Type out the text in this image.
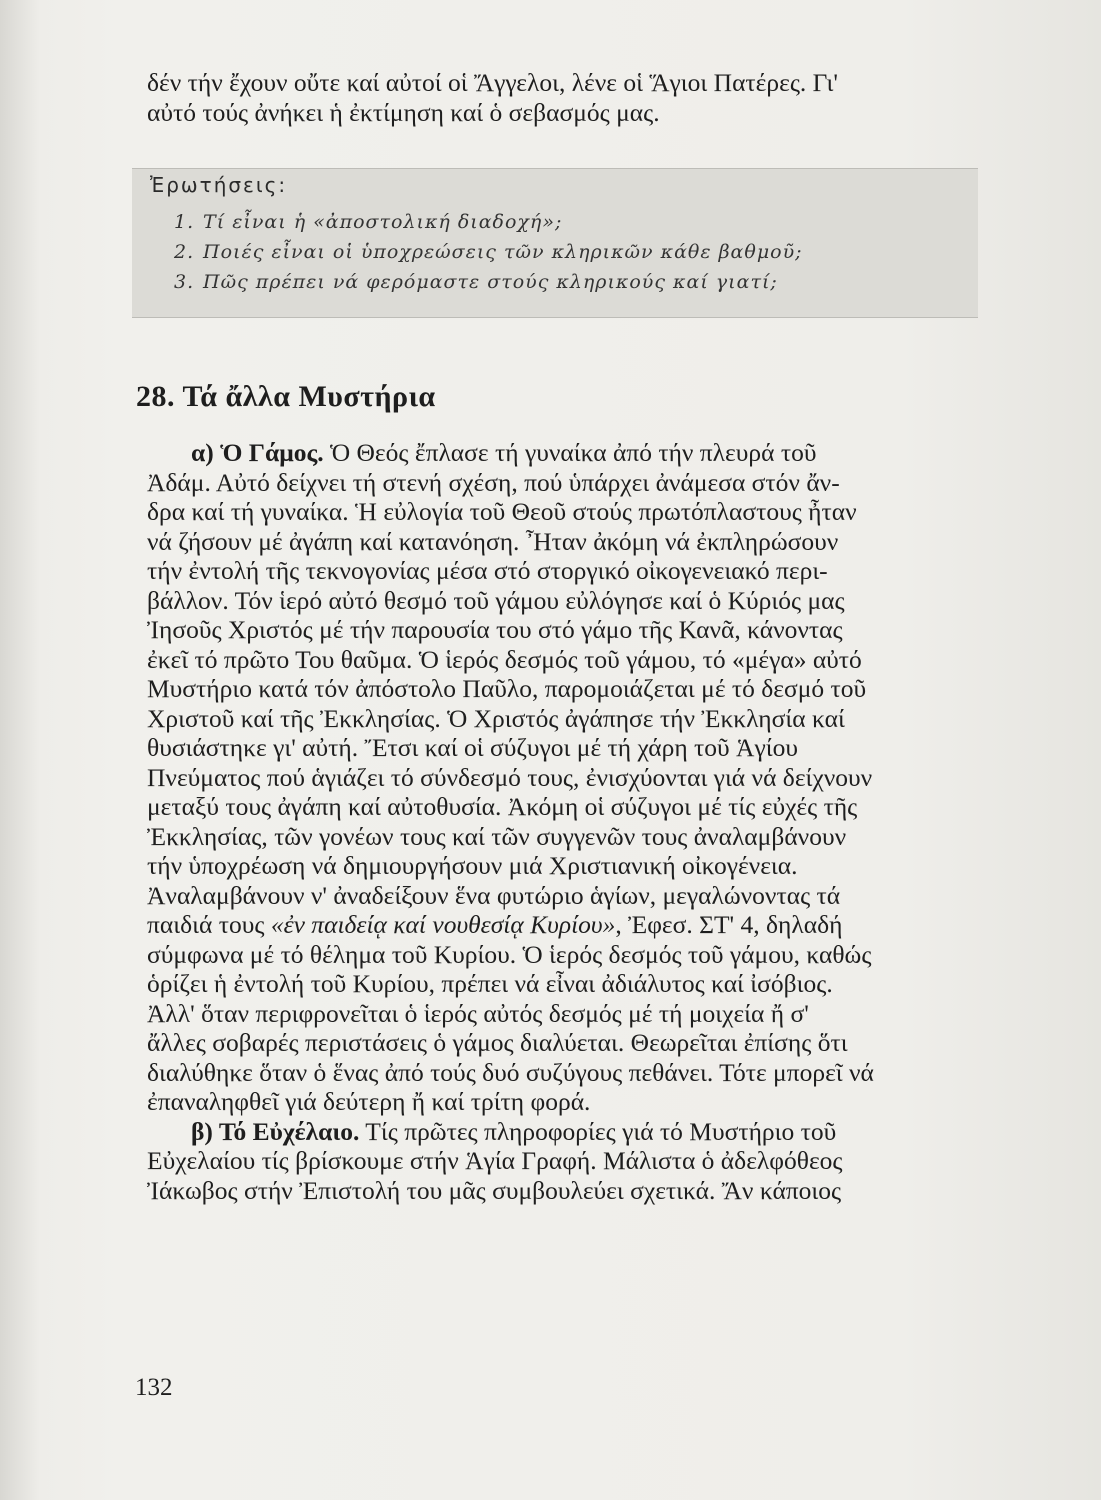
δέν τήν ἔχουν οὔτε καί αὐτοί οἱ Ἄγγελοι, λένε οἱ Ἅγιοι Πατέρες. Γι'
αὐτό τούς ἀνήκει ἡ ἐκτίμηση καί ὁ σεβασμός μας.
Ἐρωτήσεις:
1. Τί εἶναι ἡ «ἀποστολική διαδοχή»;
2. Ποιές εἶναι οἱ ὑποχρεώσεις τῶν κληρικῶν κάθε βαθμοῦ;
3. Πῶς πρέπει νά φερόμαστε στούς κληρικούς καί γιατί;
28. Τά ἄλλα Μυστήρια
α) Ὁ Γάμος. Ὁ Θεός ἔπλασε τή γυναίκα ἀπό τήν πλευρά τοῦ
Ἀδάμ. Αὐτό δείχνει τή στενή σχέση, πού ὑπάρχει ἀνάμεσα στόν ἄν-
δρα καί τή γυναίκα. Ἡ εὐλογία τοῦ Θεοῦ στούς πρωτόπλαστους ἦταν
νά ζήσουν μέ ἀγάπη καί κατανόηση. Ἦταν ἀκόμη νά ἐκπληρώσουν
τήν ἐντολή τῆς τεκνογονίας μέσα στό στοργικό οἰκογενειακό περι-
βάλλον. Τόν ἱερό αὐτό θεσμό τοῦ γάμου εὐλόγησε καί ὁ Κύριός μας
Ἰησοῦς Χριστός μέ τήν παρουσία του στό γάμο τῆς Κανᾶ, κάνοντας
ἐκεῖ τό πρῶτο Του θαῦμα. Ὁ ἱερός δεσμός τοῦ γάμου, τό «μέγα» αὐτό
Μυστήριο κατά τόν ἀπόστολο Παῦλο, παρομοιάζεται μέ τό δεσμό τοῦ
Χριστοῦ καί τῆς Ἐκκλησίας. Ὁ Χριστός ἀγάπησε τήν Ἐκκλησία καί
θυσιάστηκε γι' αὐτή. Ἔτσι καί οἱ σύζυγοι μέ τή χάρη τοῦ Ἁγίου
Πνεύματος πού ἁγιάζει τό σύνδεσμό τους, ἐνισχύονται γιά νά δείχνουν
μεταξύ τους ἀγάπη καί αὐτοθυσία. Ἀκόμη οἱ σύζυγοι μέ τίς εὐχές τῆς
Ἐκκλησίας, τῶν γονέων τους καί τῶν συγγενῶν τους ἀναλαμβάνουν
τήν ὑποχρέωση νά δημιουργήσουν μιά Χριστιανική οἰκογένεια.
Ἀναλαμβάνουν ν' ἀναδείξουν ἕνα φυτώριο ἁγίων, μεγαλώνοντας τά
παιδιά τους «ἐν παιδείᾳ καί νουθεσίᾳ Κυρίου», Ἐφεσ. ΣΤ' 4, δηλαδή
σύμφωνα μέ τό θέλημα τοῦ Κυρίου. Ὁ ἱερός δεσμός τοῦ γάμου, καθώς
ὁρίζει ἡ ἐντολή τοῦ Κυρίου, πρέπει νά εἶναι ἀδιάλυτος καί ἰσόβιος.
Ἀλλ' ὅταν περιφρονεῖται ὁ ἱερός αὐτός δεσμός μέ τή μοιχεία ἤ σ'
ἄλλες σοβαρές περιστάσεις ὁ γάμος διαλύεται. Θεωρεῖται ἐπίσης ὅτι
διαλύθηκε ὅταν ὁ ἕνας ἀπό τούς δυό συζύγους πεθάνει. Τότε μπορεῖ νά
ἐπαναληφθεῖ γιά δεύτερη ἤ καί τρίτη φορά.
β) Τό Εὐχέλαιο. Τίς πρῶτες πληροφορίες γιά τό Μυστήριο τοῦ
Εὐχελαίου τίς βρίσκουμε στήν Ἁγία Γραφή. Μάλιστα ὁ ἀδελφόθεος
Ἰάκωβος στήν Ἐπιστολή του μᾶς συμβουλεύει σχετικά. Ἄν κάποιος
132
